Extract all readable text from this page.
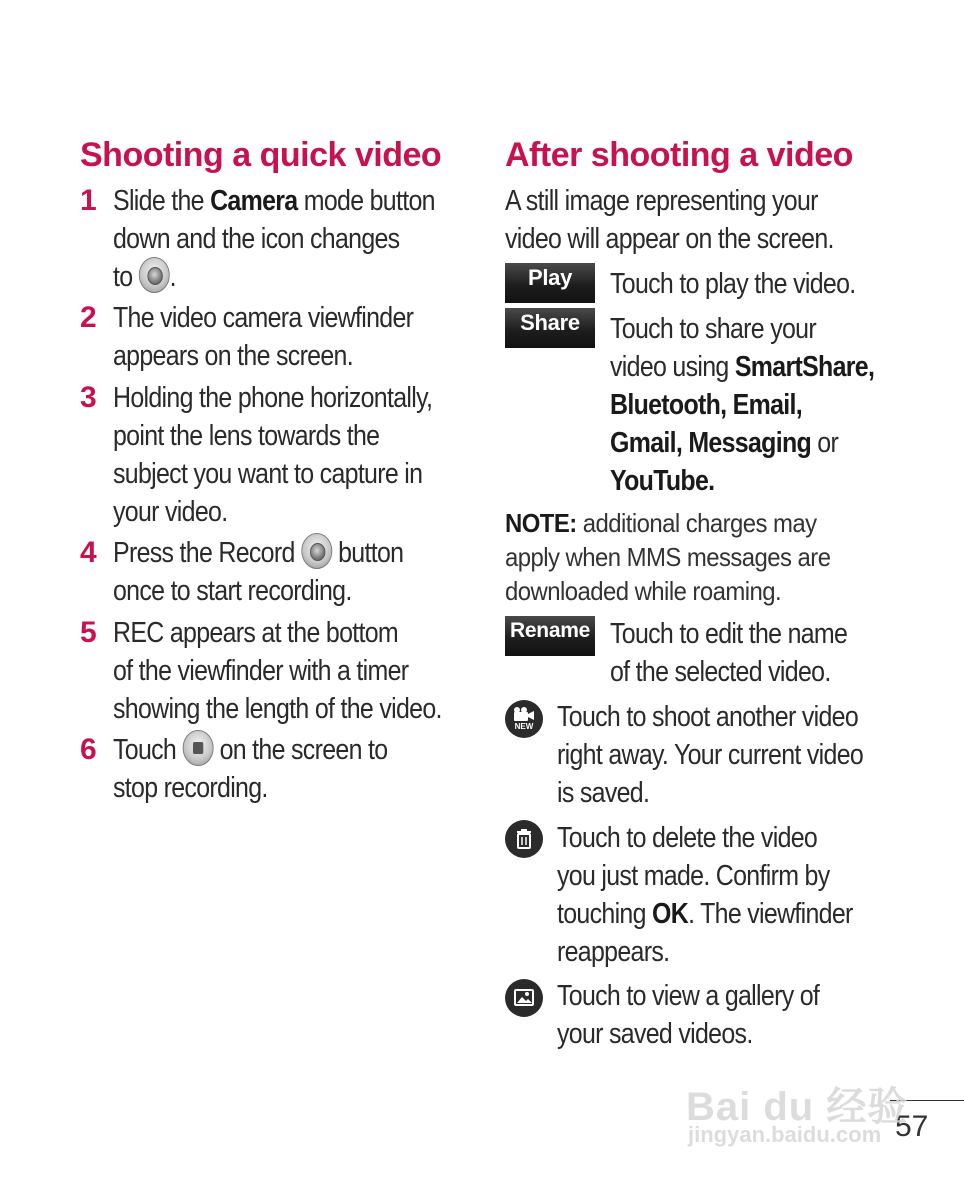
Shooting a quick video
1 Slide the Camera mode button
down and the icon changes
to
.
2 The video camera viewfinder
appears on the screen.
3 Holding the phone horizontally,
point the lens towards the
subject you want to capture in
your video.
4 Press the Record
button
once to start recording.
5 REC appears at the bottom
of the viewfinder with a timer
showing the length of the video.
6 Touch
on the screen to
stop recording.
After shooting a video
A still image representing your
video will appear on the screen.
Play	Touch to play the video.
Share	Touch to share your
video using SmartShare,
Bluetooth, Email,
Gmail, Messaging or
YouTube.
NOTE: additional charges may
apply when MMS messages are
downloaded while roaming.
Rename Touch to edit the name
of the selected video.
NEW Touch to shoot another video
right away. Your current video
is saved.
Touch to delete the video
you just made. Confirm by
touching OK. The viewfinder
reappears.
Touch to view a gallery of
your saved videos.
57
Bai du 经验
jingyan.baidu.com
